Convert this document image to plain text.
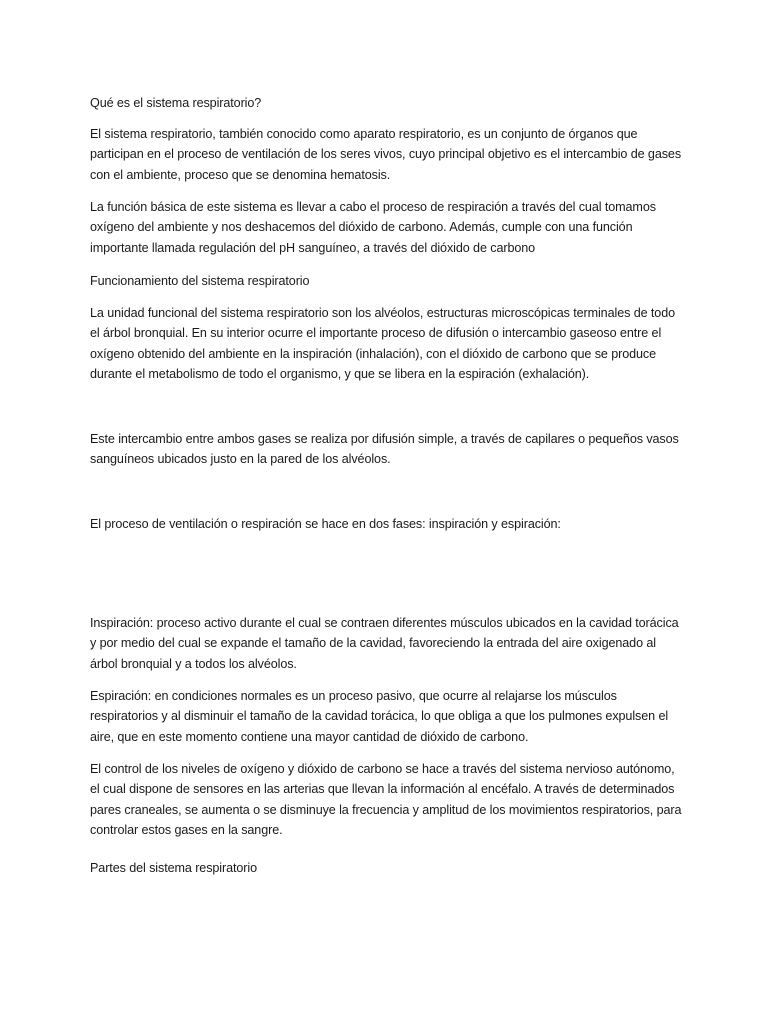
Qué es el sistema respiratorio?

El sistema respiratorio, también conocido como aparato respiratorio, es un conjunto de órganos que participan en el proceso de ventilación de los seres vivos, cuyo principal objetivo es el intercambio de gases con el ambiente, proceso que se denomina hematosis.

La función básica de este sistema es llevar a cabo el proceso de respiración a través del cual tomamos oxígeno del ambiente y nos deshacemos del dióxido de carbono. Además, cumple con una función importante llamada regulación del pH sanguíneo, a través del dióxido de carbono

Funcionamiento del sistema respiratorio

La unidad funcional del sistema respiratorio son los alvéolos, estructuras microscópicas terminales de todo el árbol bronquial. En su interior ocurre el importante proceso de difusión o intercambio gaseoso entre el oxígeno obtenido del ambiente en la inspiración (inhalación), con el dióxido de carbono que se produce durante el metabolismo de todo el organismo, y que se libera en la espiración (exhalación).

Este intercambio entre ambos gases se realiza por difusión simple, a través de capilares o pequeños vasos sanguíneos ubicados justo en la pared de los alvéolos.

El proceso de ventilación o respiración se hace en dos fases: inspiración y espiración:

Inspiración: proceso activo durante el cual se contraen diferentes músculos ubicados en la cavidad torácica y por medio del cual se expande el tamaño de la cavidad, favoreciendo la entrada del aire oxigenado al árbol bronquial y a todos los alvéolos.

Espiración: en condiciones normales es un proceso pasivo, que ocurre al relajarse los músculos respiratorios y al disminuir el tamaño de la cavidad torácica, lo que obliga a que los pulmones expulsen el aire, que en este momento contiene una mayor cantidad de dióxido de carbono.

El control de los niveles de oxígeno y dióxido de carbono se hace a través del sistema nervioso autónomo, el cual dispone de sensores en las arterias que llevan la información al encéfalo. A través de determinados pares craneales, se aumenta o se disminuye la frecuencia y amplitud de los movimientos respiratorios, para controlar estos gases en la sangre.

Partes del sistema respiratorio
